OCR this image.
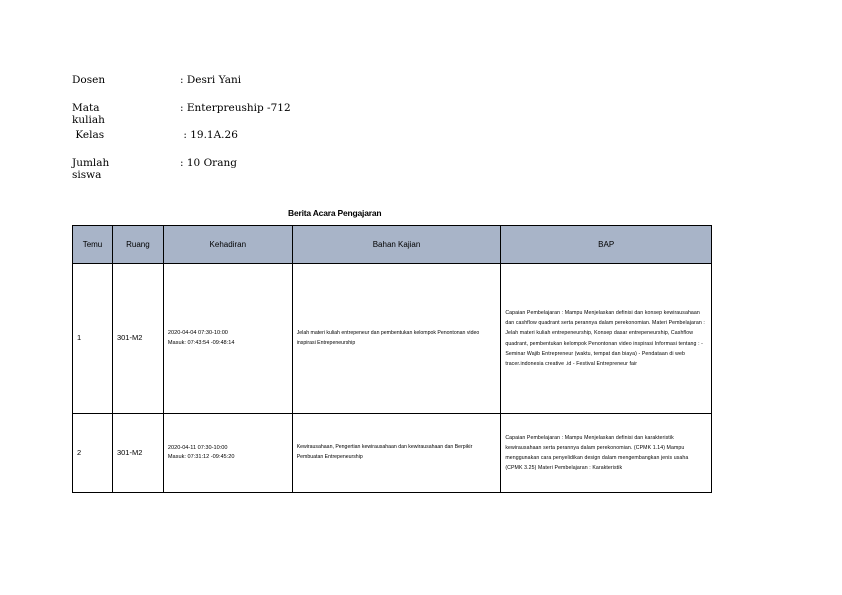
Dosen	: Desri Yani
Mata kuliah
: Enterpreuship -712
Kelas	: 19.1A.26
Jumlah siswa
: 10 Orang
Berita Acara Pengajaran
Temu	Ruang	Kehadiran	Bahan Kajian	BAP
1	301-M2	2020-04-04 07:30-10:00
Masuk: 07:43:54 -09:48:14	Jelah materi kuliah entrepeneur dan pembentukan kelompok Penontonan video inspirasi Entrepeneurship	Capaian Pembelajaran : Mampu Menjelaskan definisi dan konsep kewirausahaan dan cashflow quadrant serta perannya dalam perekonomian. Materi Pembelajaran : Jelah materi kuliah entrepeneurship, Konsep dasar entrepeneurship, Cashflow quadrant, pembentukan kelompok Penontonan video inspirasi Informasi tentang : - Seminar Wajib Entrepreneur (waktu, tempat dan biaya) - Pendataan di web tracer.indonesia creative .id - Festival Entrepreneur fair
2	301-M2	2020-04-11 07:30-10:00
Masuk: 07:31:12 -09:45:20	Kewirausahaan, Pengertian kewirausahaan dan kewirausahaan dan Berpikir Pembuatan Entrepeneurship	Capaian Pembelajaran : Mampu Menjelaskan definisi dan karakteristik kewirausahaan serta perannya dalam perekonomian. (CPMK 1.14) Mampu menggunakan cara penyelidikan design dalam mengembangkan jenis usaha (CPMK 3.25) Materi Pembelajaran : Karakteristik
